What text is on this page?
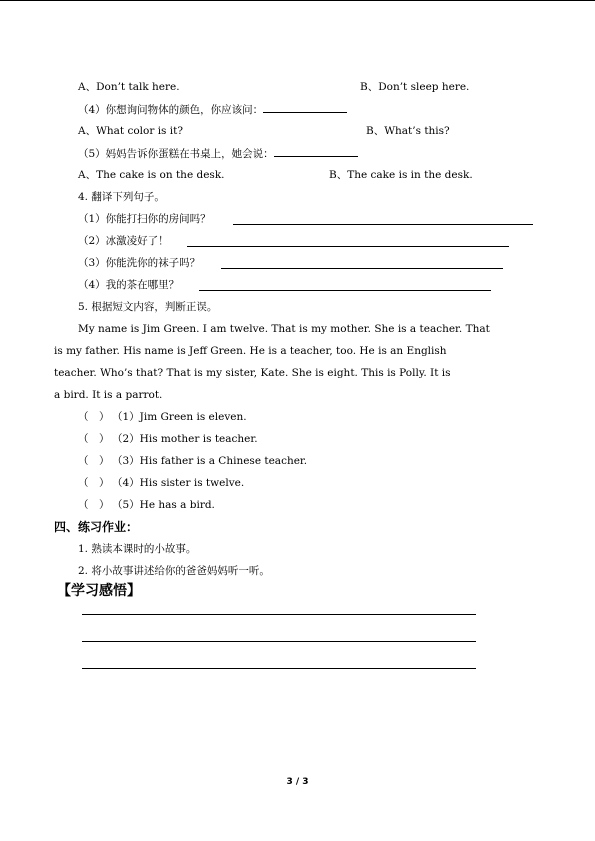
A、Don’t talk here.	B、Don’t sleep here.
（4）你想询问物体的颜色，你应该问：
A、What color is it?	B、What’s this?
（5）妈妈告诉你蛋糕在书桌上，她会说：
A、The cake is on the desk.	B、The cake is in the desk.
4. 翻译下列句子。
（1）你能打扫你的房间吗？
（2）冰激凌好了！
（3）你能洗你的袜子吗？
（4）我的茶在哪里？
5. 根据短文内容，判断正误。
My name is Jim Green. I am twelve. That is my mother. She is a teacher. That
is my father. His name is Jeff Green. He is a teacher, too. He is an English
teacher. Who’s that? That is my sister, Kate. She is eight. This is Polly. It is
a bird. It is a parrot.
（　） （1）Jim Green is eleven.
（　） （2）His mother is teacher.
（　） （3）His father is a Chinese teacher.
（　） （4）His sister is twelve.
（　） （5）He has a bird.
四、练习作业：
1. 熟读本课时的小故事。
2. 将小故事讲述给你的爸爸妈妈听一听。
【学习感悟】
3 / 3
